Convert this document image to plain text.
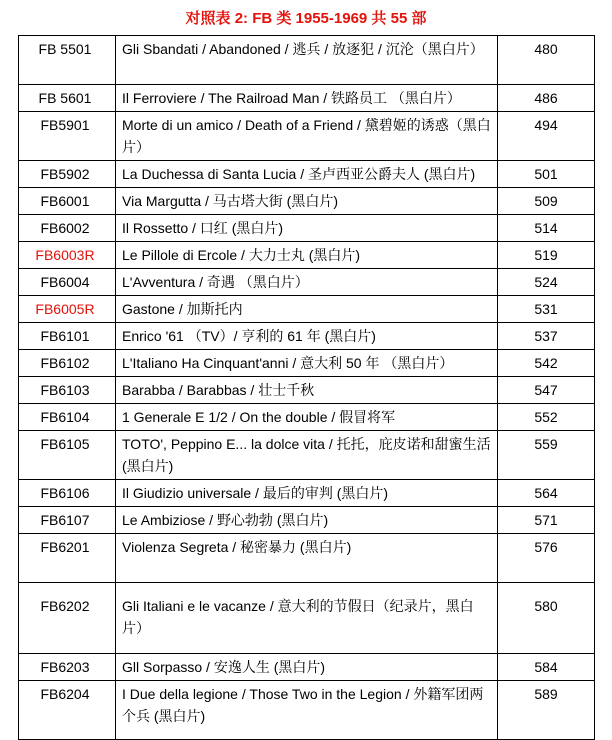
对照表 2: FB 类 1955-1969 共 55 部
FB 5501	Gli Sbandati / Abandoned / 逃兵 / 放逐犯 / 沉沦（黑白片）	480
FB 5601	Il Ferroviere / The Railroad Man / 铁路员工 （黑白片）	486
FB5901	Morte di un amico / Death of a Friend / 黛碧姬的诱惑（黑白片）	494
FB5902	La Duchessa di Santa Lucia / 圣卢西亚公爵夫人 (黑白片)	501
FB6001	Via Margutta / 马古塔大街 (黑白片)	509
FB6002	Il Rossetto / 口红 (黑白片)	514
FB6003R	Le Pillole di Ercole / 大力士丸 (黑白片)	519
FB6004	L'Avventura / 奇遇 （黑白片）	524
FB6005R	Gastone / 加斯托内	531
FB6101	Enrico '61 （TV）/ 亨利的 61 年 (黑白片)	537
FB6102	L'Italiano Ha Cinquant'anni / 意大利 50 年 （黑白片）	542
FB6103	Barabba / Barabbas / 壮士千秋	547
FB6104	1 Generale E 1/2 / On the double / 假冒将军	552
FB6105	TOTO', Peppino E... la dolce vita / 托托，庇皮诺和甜蜜生活 (黑白片)	559
FB6106	Il Giudizio universale / 最后的审判 (黑白片)	564
FB6107	Le Ambiziose / 野心勃勃 (黑白片)	571
FB6201	Violenza Segreta / 秘密暴力 (黑白片)	576
FB6202	Gli Italiani e le vacanze / 意大利的节假日（纪录片，黑白片）	580
FB6203	Gll Sorpasso / 安逸人生 (黑白片)	584
FB6204	I Due della legione / Those Two in the Legion / 外籍军团两个兵 (黑白片)	589
